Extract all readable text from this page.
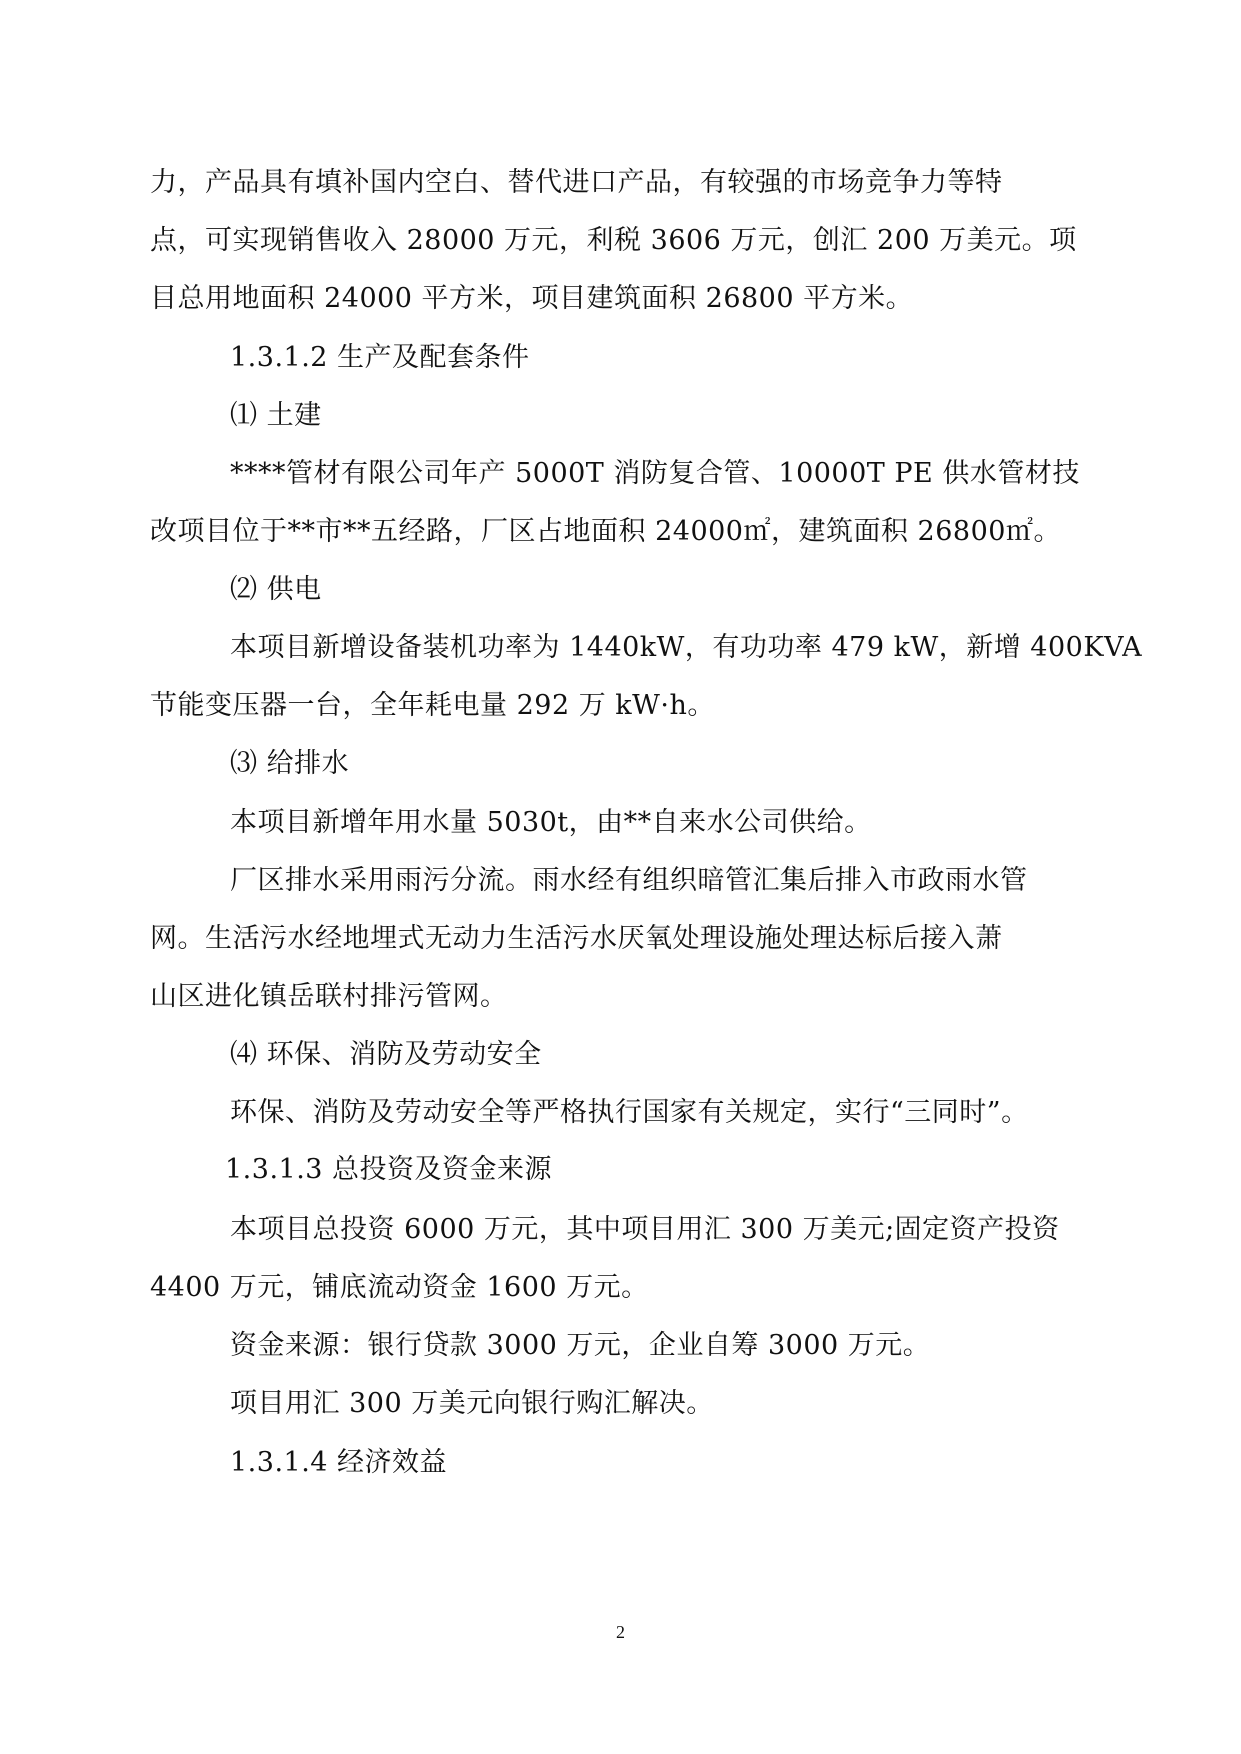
力，产品具有填补国内空白、替代进口产品，有较强的市场竞争力等特
点，可实现销售收入 28000 万元，利税 3606 万元，创汇 200 万美元。项
目总用地面积 24000 平方米，项目建筑面积 26800 平方米。
1.3.1.2 生产及配套条件
⑴ 土建
****管材有限公司年产 5000T 消防复合管、10000T PE 供水管材技
改项目位于**市**五经路，厂区占地面积 24000㎡，建筑面积 26800㎡。
⑵ 供电
本项目新增设备装机功率为 1440kW，有功功率 479 kW，新增 400KVA
节能变压器一台，全年耗电量 292 万 kW·h。
⑶ 给排水
本项目新增年用水量 5030t，由**自来水公司供给。
厂区排水采用雨污分流。雨水经有组织暗管汇集后排入市政雨水管
网。生活污水经地埋式无动力生活污水厌氧处理设施处理达标后接入萧
山区进化镇岳联村排污管网。
⑷ 环保、消防及劳动安全
环保、消防及劳动安全等严格执行国家有关规定，实行“三同时”。
1.3.1.3 总投资及资金来源
本项目总投资 6000 万元，其中项目用汇 300 万美元;固定资产投资
4400 万元，铺底流动资金 1600 万元。
资金来源：银行贷款 3000 万元，企业自筹 3000 万元。
项目用汇 300 万美元向银行购汇解决。
1.3.1.4 经济效益
2
